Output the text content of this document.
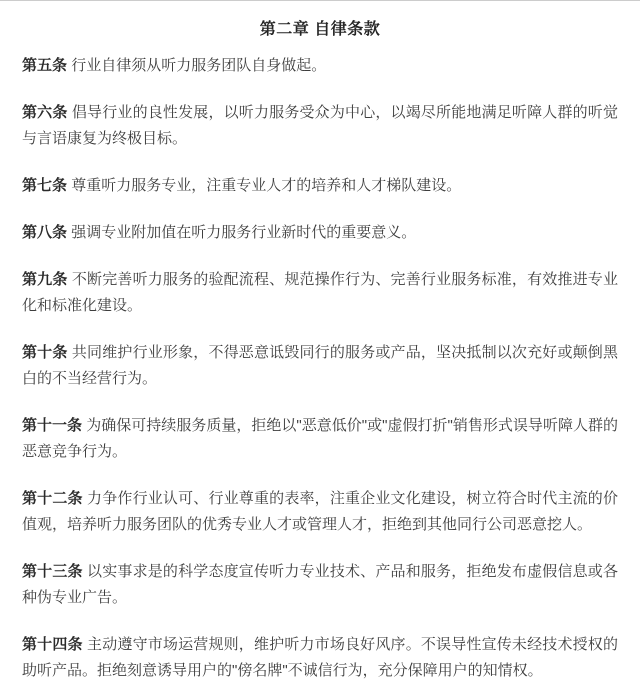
第二章 自律条款

第五条 行业自律须从听力服务团队自身做起。

第六条 倡导行业的良性发展，以听力服务受众为中心，以竭尽所能地满足听障人群的听觉与言语康复为终极目标。

第七条 尊重听力服务专业，注重专业人才的培养和人才梯队建设。

第八条 强调专业附加值在听力服务行业新时代的重要意义。

第九条 不断完善听力服务的验配流程、规范操作行为、完善行业服务标准，有效推进专业化和标准化建设。

第十条 共同维护行业形象，不得恶意诋毁同行的服务或产品，坚决抵制以次充好或颠倒黑白的不当经营行为。

第十一条 为确保可持续服务质量，拒绝以"恶意低价"或"虚假打折"销售形式误导听障人群的恶意竞争行为。

第十二条 力争作行业认可、行业尊重的表率，注重企业文化建设，树立符合时代主流的价值观，培养听力服务团队的优秀专业人才或管理人才，拒绝到其他同行公司恶意挖人。

第十三条 以实事求是的科学态度宣传听力专业技术、产品和服务，拒绝发布虚假信息或各种伪专业广告。

第十四条 主动遵守市场运营规则，维护听力市场良好风序。不误导性宣传未经技术授权的助听产品。拒绝刻意诱导用户的"傍名牌"不诚信行为，充分保障用户的知情权。
